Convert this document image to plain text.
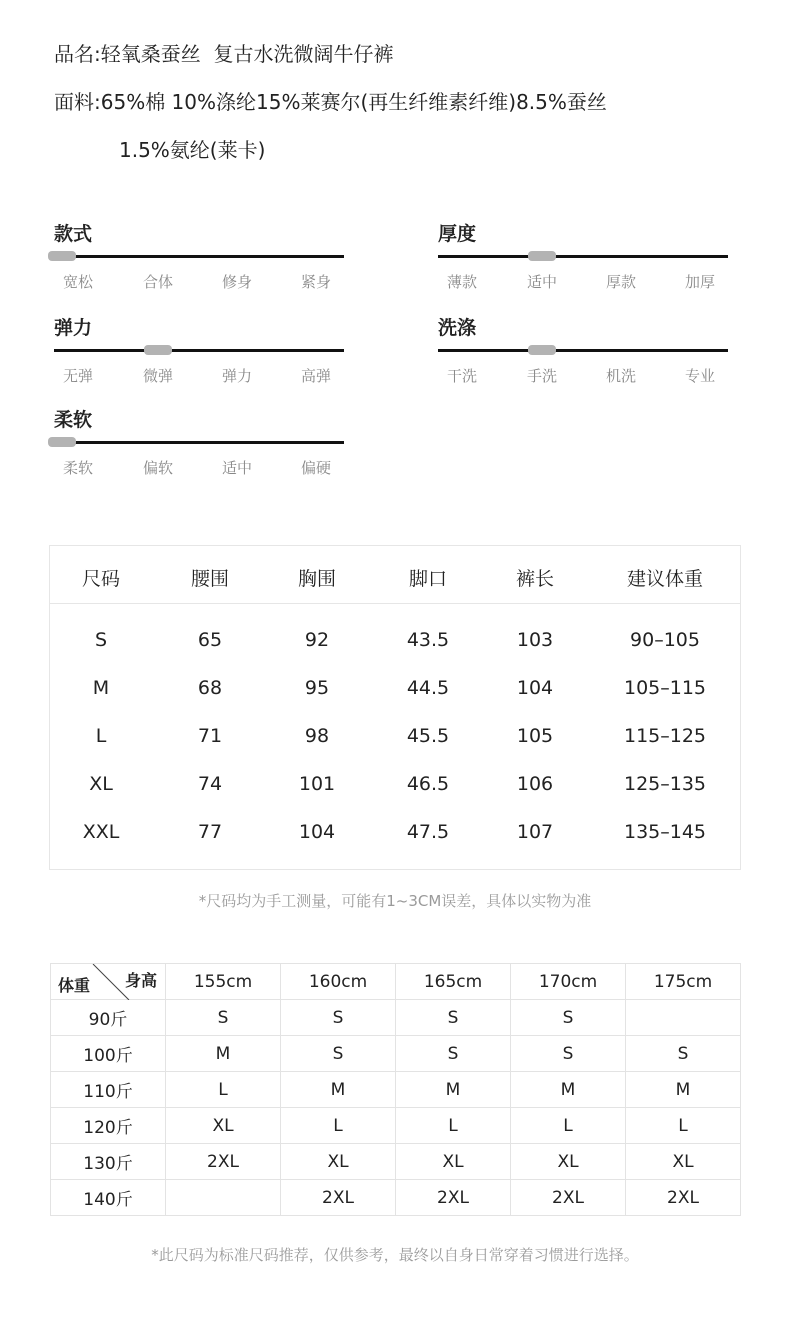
品名:轻氧桑蚕丝  复古水洗微阔牛仔裤
面料:65%棉 10%涤纶15%莱赛尔(再生纤维素纤维)8.5%蚕丝
1.5%氨纶(莱卡)
款式
宽松	合体	修身	紧身
厚度
薄款	适中	厚款	加厚
弹力
无弹	微弹	弹力	高弹
洗涤
干洗	手洗	机洗	专业
柔软
柔软	偏软	适中	偏硬
尺码	腰围	胸围	脚口	裤长	建议体重
S	65	92	43.5	103	90–105
M	68	95	44.5	104	105–115
L	71	98	45.5	105	115–125
XL	74	101	46.5	106	125–135
XXL	77	104	47.5	107	135–145
*尺码均为手工测量，可能有1~3CM误差，具体以实物为准
体重 身高	155cm	160cm	165cm	170cm	175cm
90斤	S	S	S	S	
100斤	M	S	S	S	S
110斤	L	M	M	M	M
120斤	XL	L	L	L	L
130斤	2XL	XL	XL	XL	XL
140斤		2XL	2XL	2XL	2XL
*此尺码为标准尺码推荐，仅供参考，最终以自身日常穿着习惯进行选择。
